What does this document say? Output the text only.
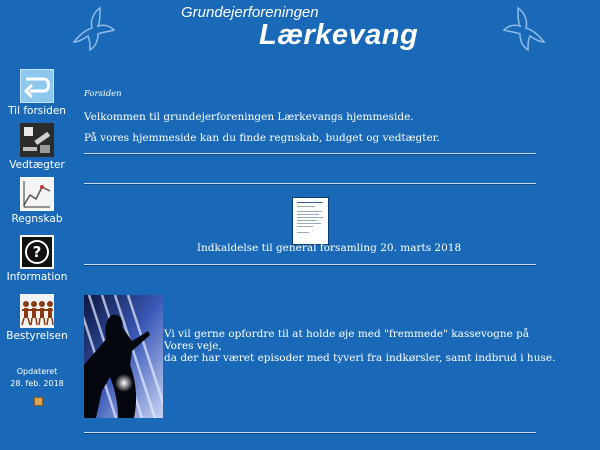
Grundejerforeningen
Lærkevang
Til forsiden
Vedtægter
Regnskab
?
Information
Bestyrelsen
Opdateret
28. feb. 2018
Forsiden
Velkommen til grundejerforeningen Lærkevangs hjemmeside.
På vores hjemmeside kan du finde regnskab, budget og vedtægter.
Indkaldelse til general forsamling 20. marts 2018
Vi vil gerne opfordre til at holde øje med "fremmede" kassevogne på
Vores veje,
da der har været episoder med tyveri fra indkørsler, samt indbrud i huse.
